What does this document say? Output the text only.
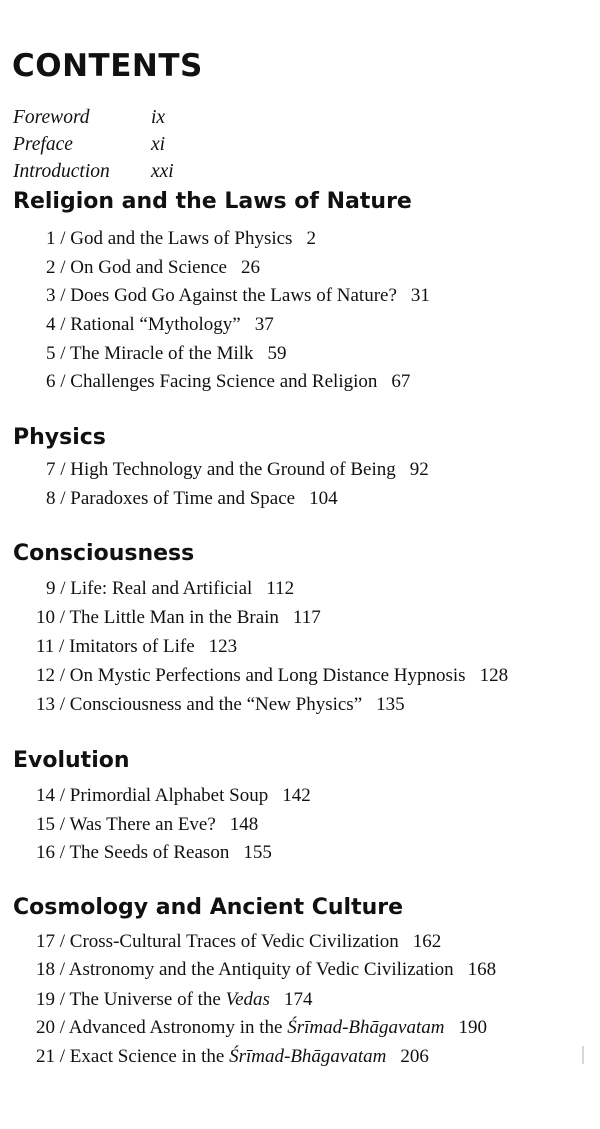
CONTENTS
Foreword	ix
Preface	xi
Introduction xxi
Religion and the Laws of Nature
1 / God and the Laws of Physics 2
2 / On God and Science 26
3 / Does God Go Against the Laws of Nature? 31
4 / Rational “Mythology” 37
5 / The Miracle of the Milk 59
6 / Challenges Facing Science and Religion 67
Physics
7 / High Technology and the Ground of Being 92
8 / Paradoxes of Time and Space 104
Consciousness
9 / Life: Real and Artificial 112
10 / The Little Man in the Brain 117
11 / Imitators of Life 123
12 / On Mystic Perfections and Long Distance Hypnosis 128
13 / Consciousness and the “New Physics” 135
Evolution
14 / Primordial Alphabet Soup 142
15 / Was There an Eve? 148
16 / The Seeds of Reason 155
Cosmology and Ancient Culture
17 / Cross-Cultural Traces of Vedic Civilization 162
18 / Astronomy and the Antiquity of Vedic Civilization 168
19 / The Universe of the Vedas 174
20 / Advanced Astronomy in the Śrīmad-Bhāgavatam 190
21 / Exact Science in the Śrīmad-Bhāgavatam 206
